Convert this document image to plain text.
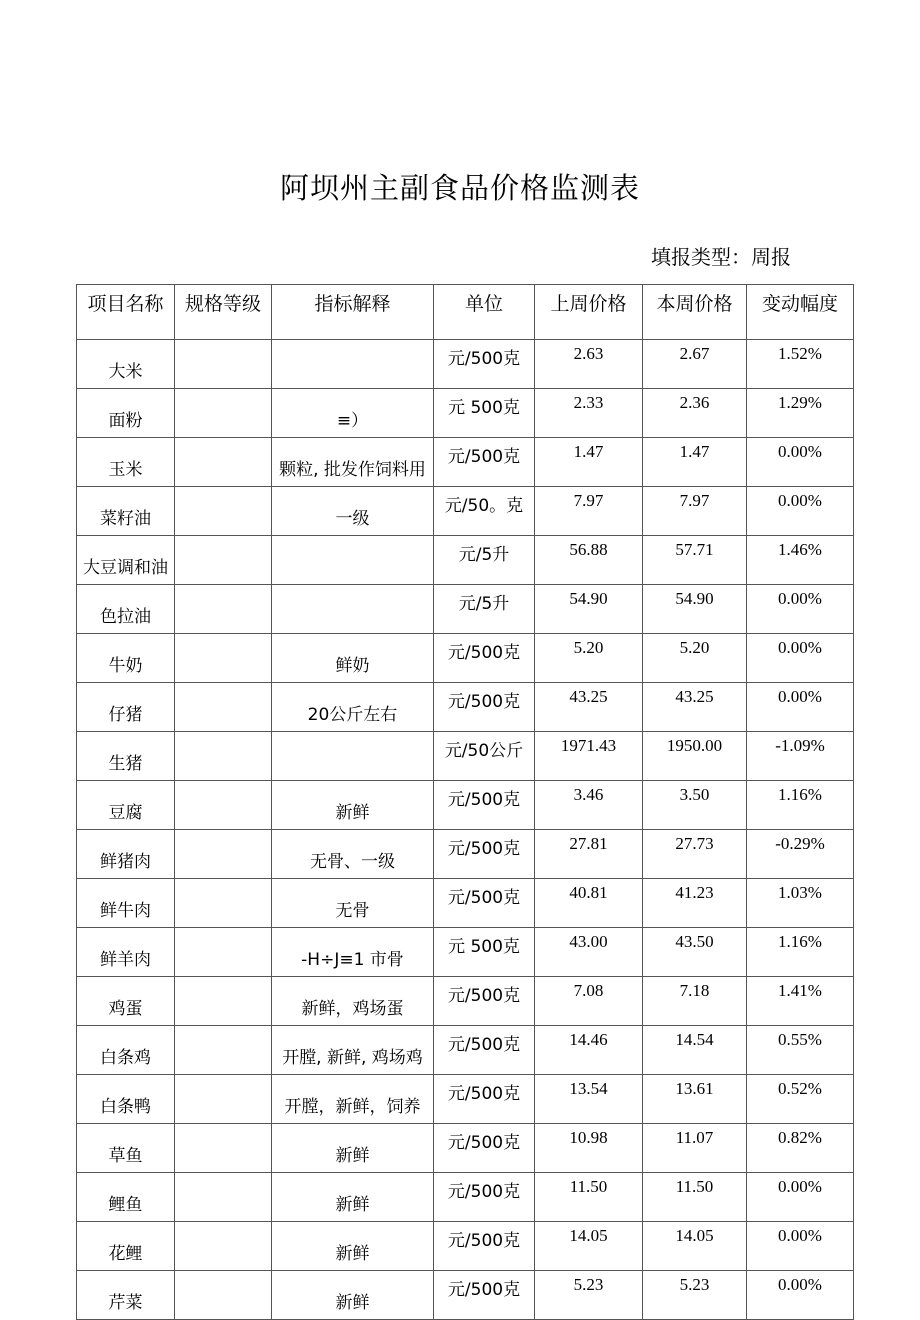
阿坝州主副食品价格监测表
填报类型：周报
项目名称	规格等级	指标解释	单位	上周价格	本周价格	变动幅度
大米			元/500克	2.63	2.67	1.52%
面粉		≡）	元 500克	2.33	2.36	1.29%
玉米		颗粒, 批发作饲料用	元/500克	1.47	1.47	0.00%
菜籽油		一级	元/50。克	7.97	7.97	0.00%
大豆调和油			元/5升	56.88	57.71	1.46%
色拉油			元/5升	54.90	54.90	0.00%
牛奶		鲜奶	元/500克	5.20	5.20	0.00%
仔猪		20公斤左右	元/500克	43.25	43.25	0.00%
生猪			元/50公斤	1971.43	1950.00	-1.09%
豆腐		新鲜	元/500克	3.46	3.50	1.16%
鲜猪肉		无骨、一级	元/500克	27.81	27.73	-0.29%
鲜牛肉		无骨	元/500克	40.81	41.23	1.03%
鲜羊肉		-H÷J≡1 市骨	元 500克	43.00	43.50	1.16%
鸡蛋		新鲜，鸡场蛋	元/500克	7.08	7.18	1.41%
白条鸡		开膛, 新鲜, 鸡场鸡	元/500克	14.46	14.54	0.55%
白条鸭		开膛，新鲜，饲养	元/500克	13.54	13.61	0.52%
草鱼		新鲜	元/500克	10.98	11.07	0.82%
鲤鱼		新鲜	元/500克	11.50	11.50	0.00%
花鲤		新鲜	元/500克	14.05	14.05	0.00%
芹菜		新鲜	元/500克	5.23	5.23	0.00%
